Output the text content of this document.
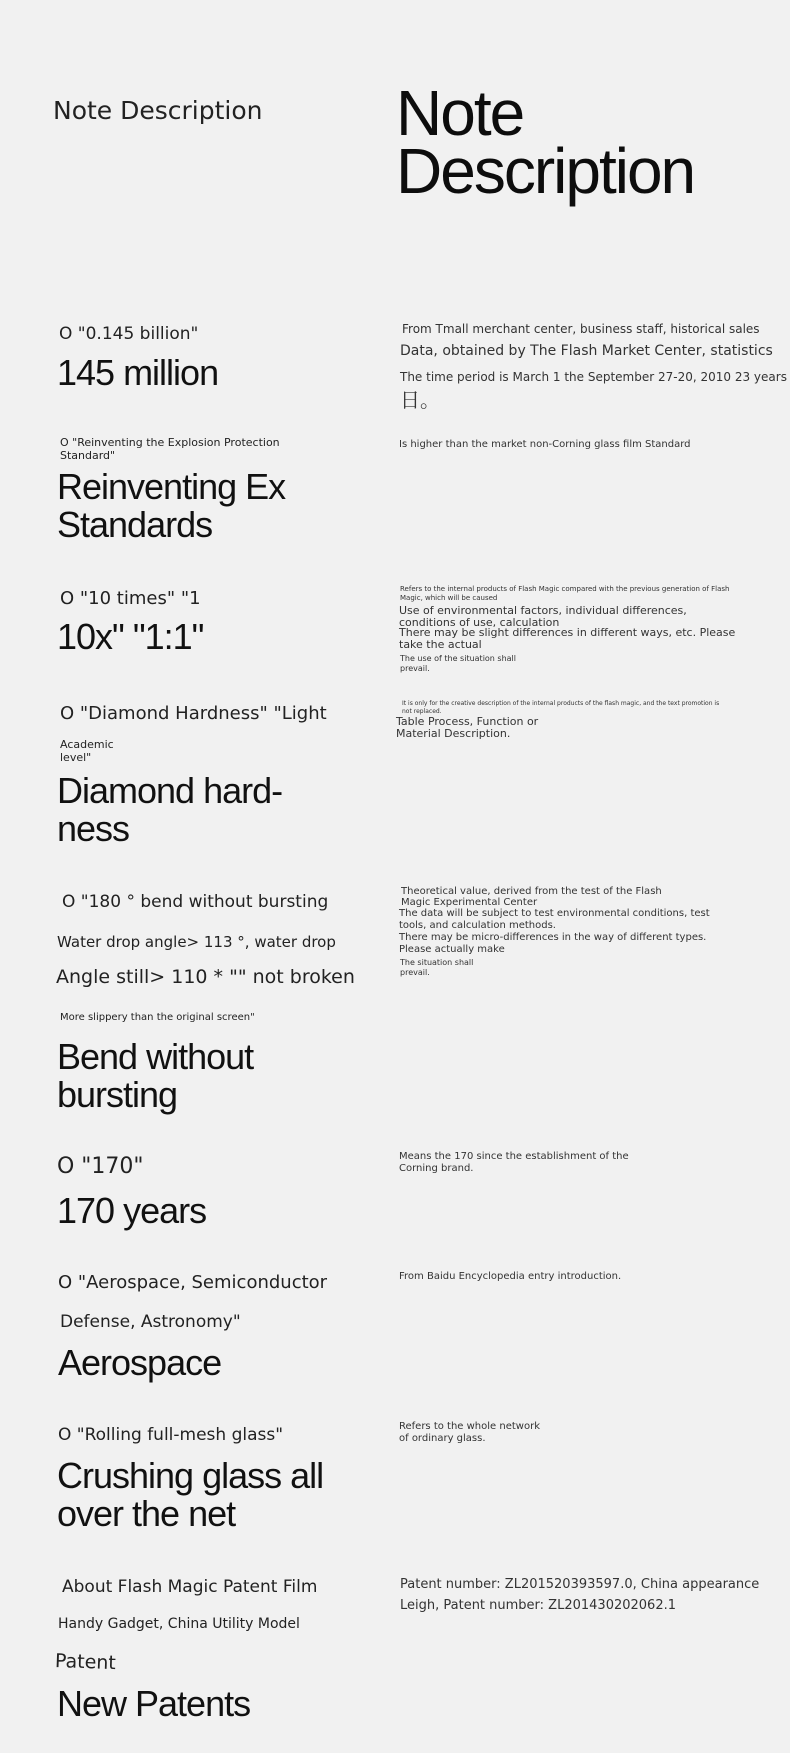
Note Description Note
Description
O "0.145 billion"
145 million
From Tmall merchant center, business staff, historical sales
Data, obtained by The Flash Market Center, statistics
The time period is March 1 the September 27-20, 2010 23 years
日。
O "Reinventing the Explosion Protection Standard"
Reinventing Ex
Standards
Is higher than the market non-Corning glass film Standard
O "10 times" "1
10x" "1:1"
Refers to the internal products of Flash Magic compared with the previous generation of Flash Magic, which will be caused
Use of environmental factors, individual differences, conditions of use, calculation
There may be slight differences in different ways, etc. Please take the actual
The use of the situation shall prevail.
O "Diamond Hardness" "Light
Academic level"
Diamond hard-
ness
It is only for the creative description of the internal products of the flash magic, and the text promotion is not replaced.
Table Process, Function or Material Description.
O "180 ° bend without bursting
Water drop angle> 113 °, water drop
Angle still> 110 * "" not broken
More slippery than the original screen"
Bend without
bursting
Theoretical value, derived from the test of the Flash Magic Experimental Center
The data will be subject to test environmental conditions, test tools, and calculation methods.
There may be micro-differences in the way of different types. Please actually make
The situation shall prevail.
O "170"
170 years
Means the 170 since the establishment of the Corning brand.
O "Aerospace, Semiconductor
Defense, Astronomy"
Aerospace
From Baidu Encyclopedia entry introduction.
O "Rolling full-mesh glass"
Crushing glass all
over the net
Refers to the whole network of ordinary glass.
About Flash Magic Patent Film
Handy Gadget, China Utility Model
Patent
New Patents
Patent number: ZL201520393597.0, China appearance
Leigh, Patent number: ZL201430202062.1
